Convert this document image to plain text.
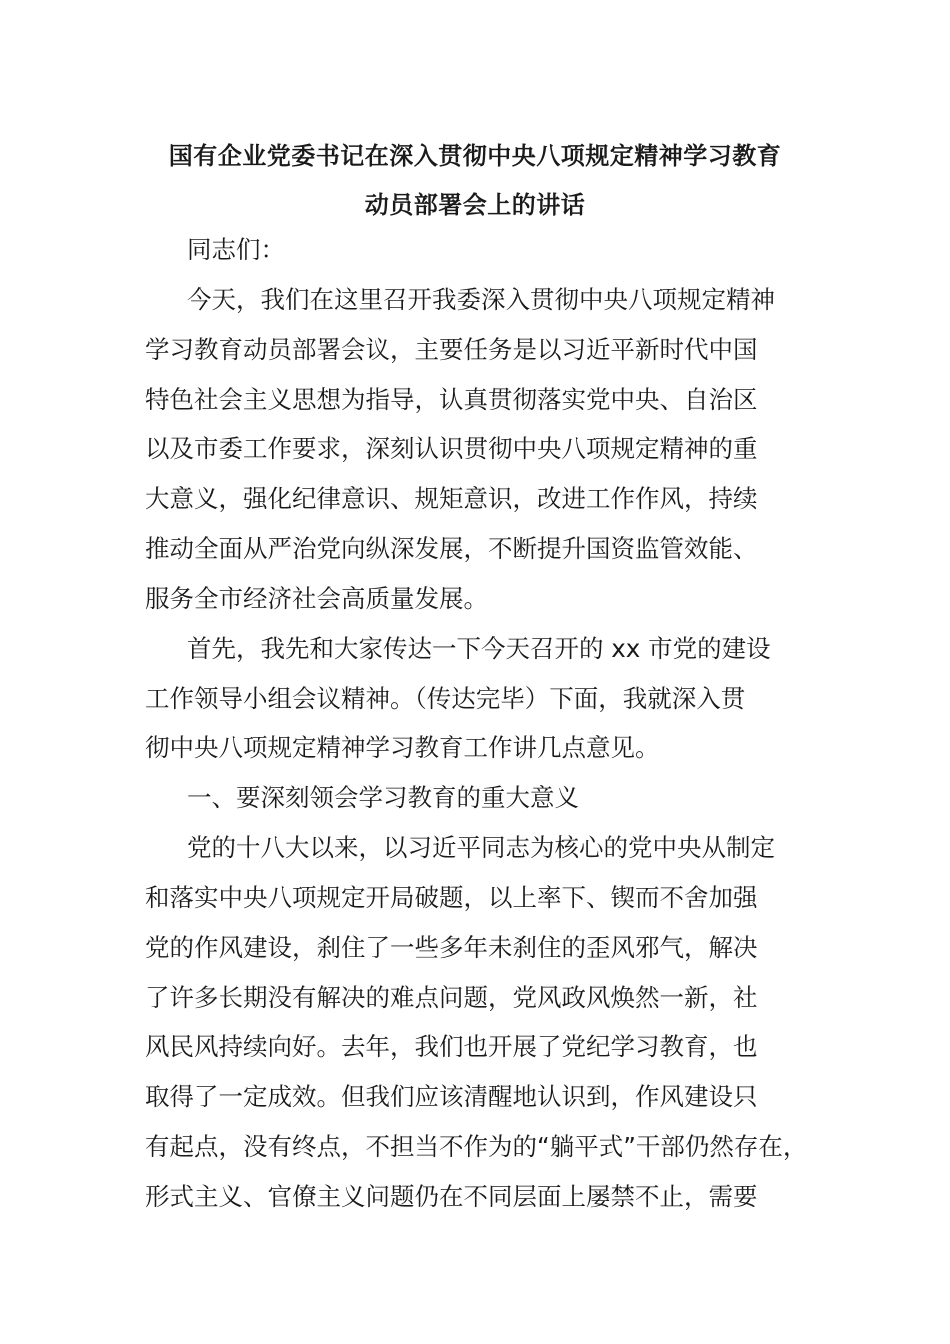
国有企业党委书记在深入贯彻中央八项规定精神学习教育
动员部署会上的讲话
同志们：
今天，我们在这里召开我委深入贯彻中央八项规定精神
学习教育动员部署会议，主要任务是以习近平新时代中国
特色社会主义思想为指导，认真贯彻落实党中央、自治区
以及市委工作要求，深刻认识贯彻中央八项规定精神的重
大意义，强化纪律意识、规矩意识，改进工作作风，持续
推动全面从严治党向纵深发展，不断提升国资监管效能、
服务全市经济社会高质量发展。
首先，我先和大家传达一下今天召开的 xx 市党的建设
工作领导小组会议精神。（传达完毕）下面，我就深入贯
彻中央八项规定精神学习教育工作讲几点意见。
一、要深刻领会学习教育的重大意义
党的十八大以来，以习近平同志为核心的党中央从制定
和落实中央八项规定开局破题，以上率下、锲而不舍加强
党的作风建设，刹住了一些多年未刹住的歪风邪气，解决
了许多长期没有解决的难点问题，党风政风焕然一新，社
风民风持续向好。去年，我们也开展了党纪学习教育，也
取得了一定成效。但我们应该清醒地认识到，作风建设只
有起点，没有终点，不担当不作为的“躺平式”干部仍然存在，
形式主义、官僚主义问题仍在不同层面上屡禁不止，需要
